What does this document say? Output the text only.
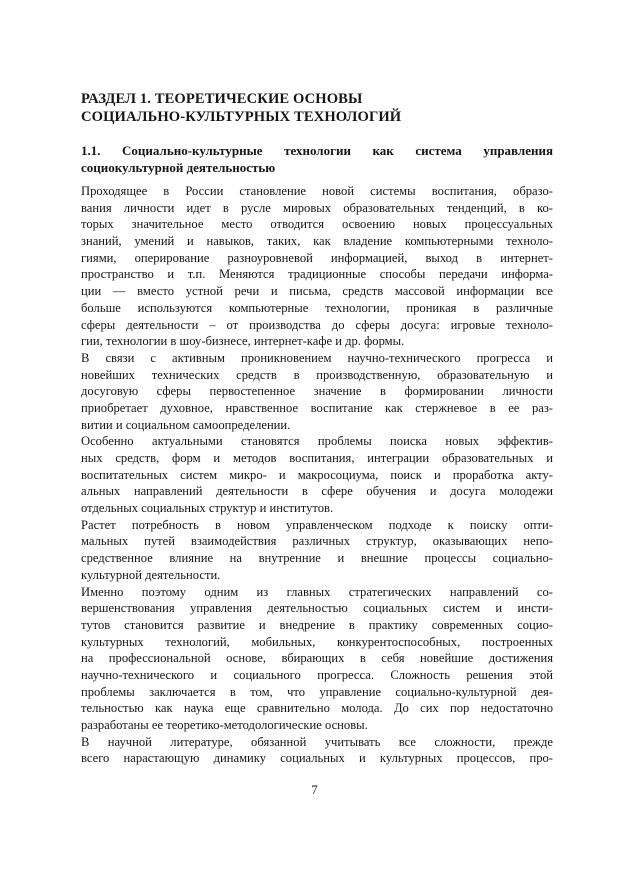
РАЗДЕЛ 1. ТЕОРЕТИЧЕСКИЕ ОСНОВЫ
СОЦИАЛЬНО-КУЛЬТУРНЫХ ТЕХНОЛОГИЙ
1.1. Социально-культурные технологии как система управления
социокультурной деятельностью
Проходящее в России становление новой системы воспитания, образо-
вания личности идет в русле мировых образовательных тенденций, в ко-
торых значительное место отводится освоению новых процессуальных
знаний, умений и навыков, таких, как владение компьютерными техноло-
гиями, оперирование разноуровневой информацией, выход в интернет-
пространство и т.п. Меняются традиционные способы передачи информа-
ции — вместо устной речи и письма, средств массовой информации все
больше используются компьютерные технологии, проникая в различные
сферы деятельности – от производства до сферы досуга: игровые техноло-
гии, технологии в шоу-бизнесе, интернет-кафе и др. формы.
В связи с активным проникновением научно-технического прогресса и
новейших технических средств в производственную, образовательную и
досуговую сферы первостепенное значение в формировании личности
приобретает духовное, нравственное воспитание как стержневое в ее раз-
витии и социальном самоопределении.
Особенно актуальными становятся проблемы поиска новых эффектив-
ных средств, форм и методов воспитания, интеграции образовательных и
воспитательных систем микро- и макросоциума, поиск и проработка акту-
альных направлений деятельности в сфере обучения и досуга молодежи
отдельных социальных структур и институтов.
Растет потребность в новом управленческом подходе к поиску опти-
мальных путей взаимодействия различных структур, оказывающих непо-
средственное влияние на внутренние и внешние процессы социально-
культурной деятельности.
Именно поэтому одним из главных стратегических направлений со-
вершенствования управления деятельностью социальных систем и инсти-
тутов становится развитие и внедрение в практику современных социо-
культурных технологий, мобильных, конкурентоспособных, построенных
на профессиональной основе, вбирающих в себя новейшие достижения
научно-технического и социального прогресса. Сложность решения этой
проблемы заключается в том, что управление социально-культурной дея-
тельностью как наука еще сравнительно молода. До сих пор недостаточно
разработаны ее теоретико-методологические основы.
В научной литературе, обязанной учитывать все сложности, прежде
всего нарастающую динамику социальных и культурных процессов, про-
7
